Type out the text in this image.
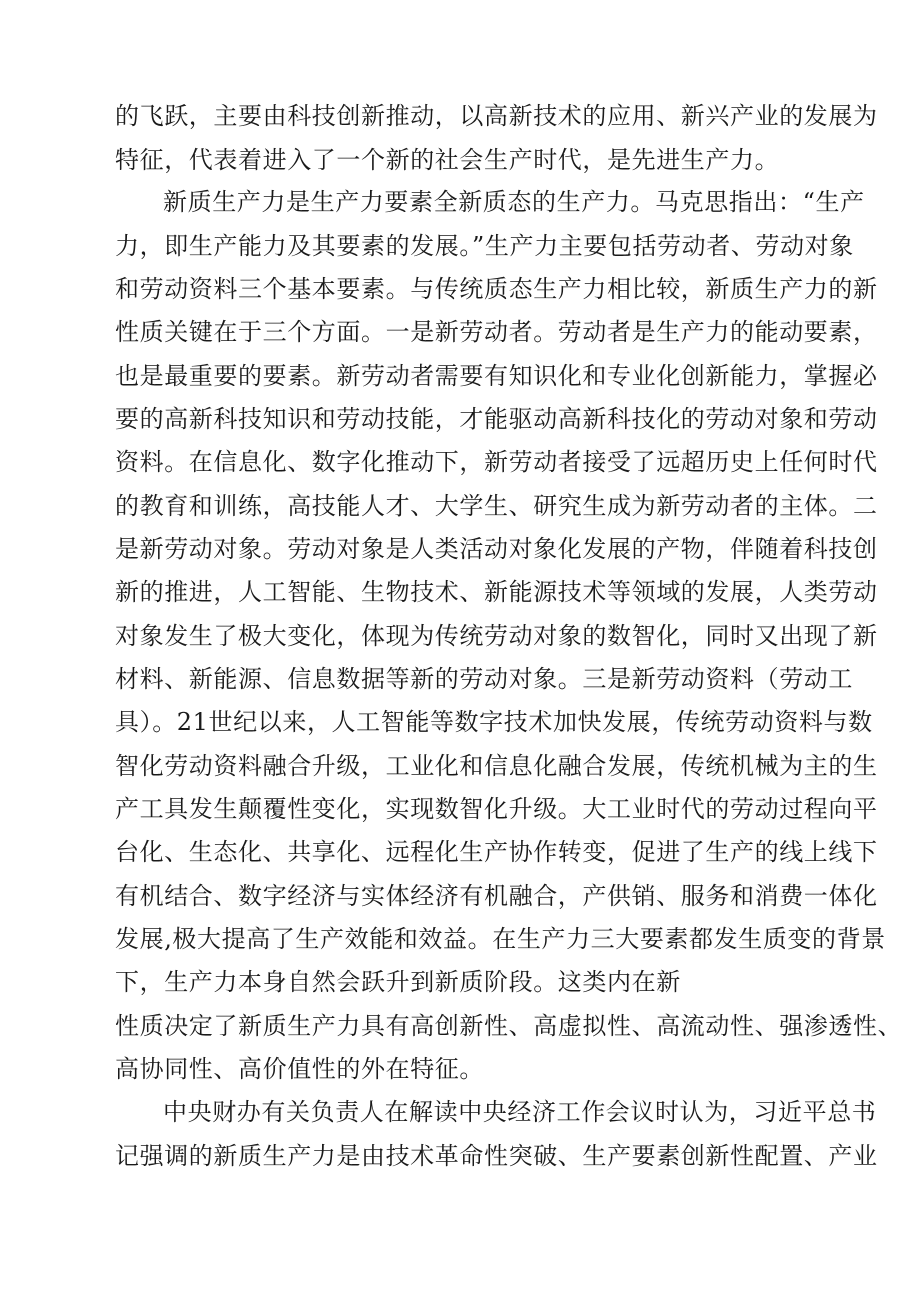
的飞跃，主要由科技创新推动，以高新技术的应用、新兴产业的发展为
特征，代表着进入了一个新的社会生产时代，是先进生产力。
新质生产力是生产力要素全新质态的生产力。马克思指出：“生产
力，即生产能力及其要素的发展。”生产力主要包括劳动者、劳动对象
和劳动资料三个基本要素。与传统质态生产力相比较，新质生产力的新
性质关键在于三个方面。一是新劳动者。劳动者是生产力的能动要素，
也是最重要的要素。新劳动者需要有知识化和专业化创新能力，掌握必
要的高新科技知识和劳动技能，才能驱动高新科技化的劳动对象和劳动
资料。在信息化、数字化推动下，新劳动者接受了远超历史上任何时代
的教育和训练，高技能人才、大学生、研究生成为新劳动者的主体。二
是新劳动对象。劳动对象是人类活动对象化发展的产物，伴随着科技创
新的推进，人工智能、生物技术、新能源技术等领域的发展，人类劳动
对象发生了极大变化，体现为传统劳动对象的数智化，同时又出现了新
材料、新能源、信息数据等新的劳动对象。三是新劳动资料（劳动工
具）。21世纪以来，人工智能等数字技术加快发展，传统劳动资料与数
智化劳动资料融合升级，工业化和信息化融合发展，传统机械为主的生
产工具发生颠覆性变化，实现数智化升级。大工业时代的劳动过程向平
台化、生态化、共享化、远程化生产协作转变，促进了生产的线上线下
有机结合、数字经济与实体经济有机融合，产供销、服务和消费一体化
发展,极大提高了生产效能和效益。在生产力三大要素都发生质变的背景
下，生产力本身自然会跃升到新质阶段。这类内在新
性质决定了新质生产力具有高创新性、高虚拟性、高流动性、强渗透性、
高协同性、高价值性的外在特征。
中央财办有关负责人在解读中央经济工作会议时认为，习近平总书
记强调的新质生产力是由技术革命性突破、生产要素创新性配置、产业
